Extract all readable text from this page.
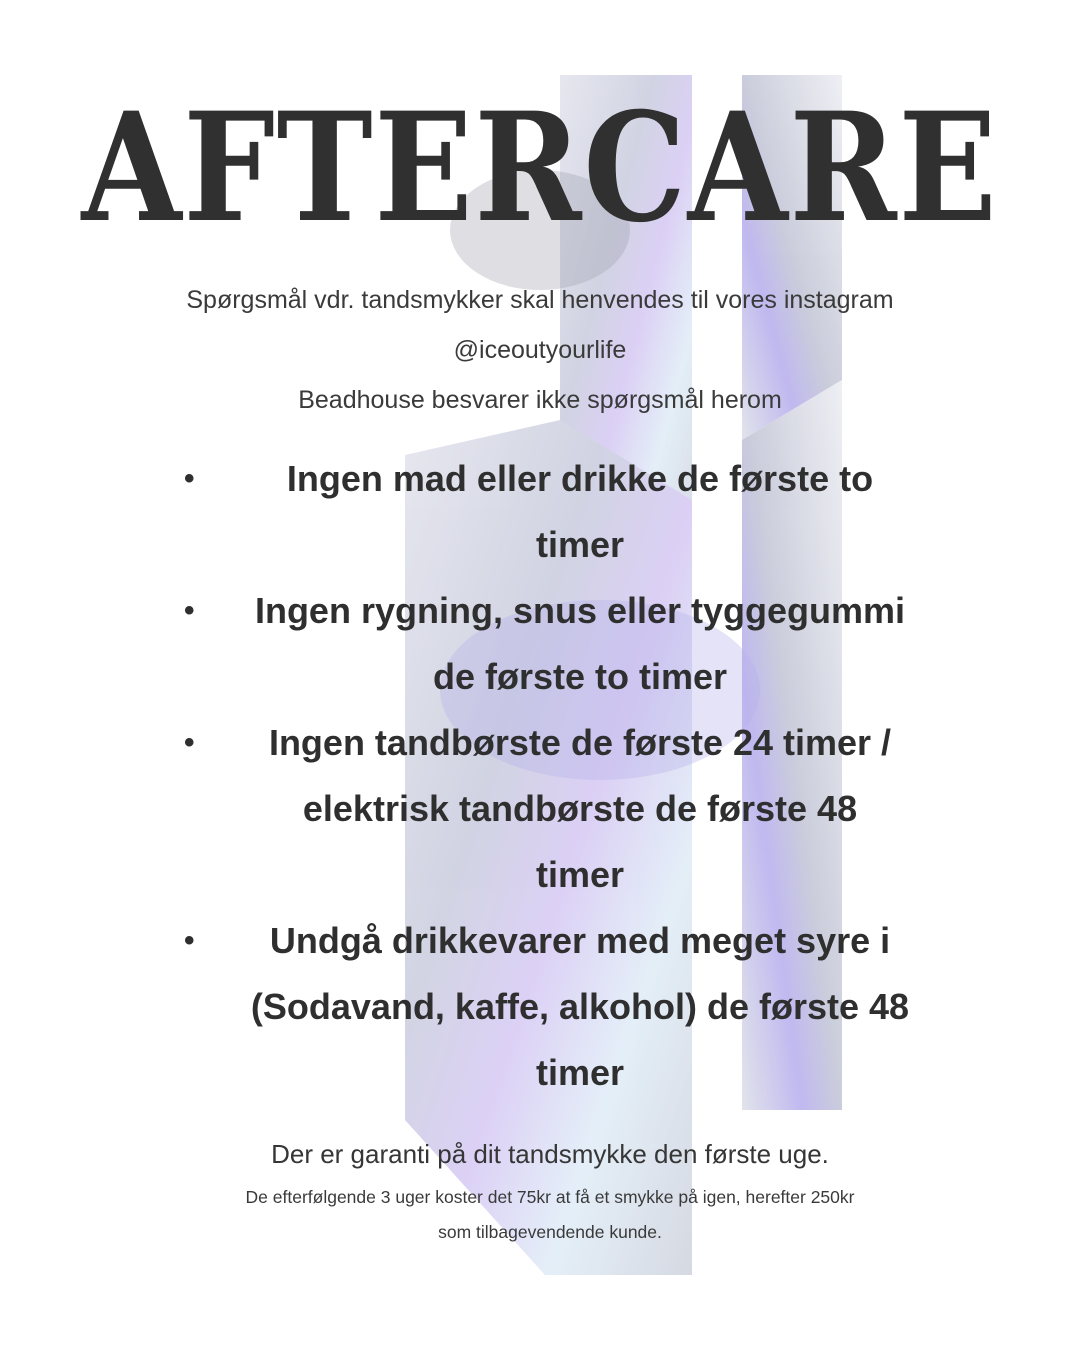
AFTERCARE
Spørgsmål vdr. tandsmykker skal henvendes til vores instagram
@iceoutyourlife
Beadhouse besvarer ikke spørgsmål herom
•	Ingen mad eller drikke de første to
timer
•	Ingen rygning, snus eller tyggegummi
de første to timer
•	Ingen tandbørste de første 24 timer /
elektrisk tandbørste de første 48
timer
•	Undgå drikkevarer med meget syre i
(Sodavand, kaffe, alkohol) de første 48
timer
Der er garanti på dit tandsmykke den første uge.
De efterfølgende 3 uger koster det 75kr at få et smykke på igen, herefter 250kr
som tilbagevendende kunde.
